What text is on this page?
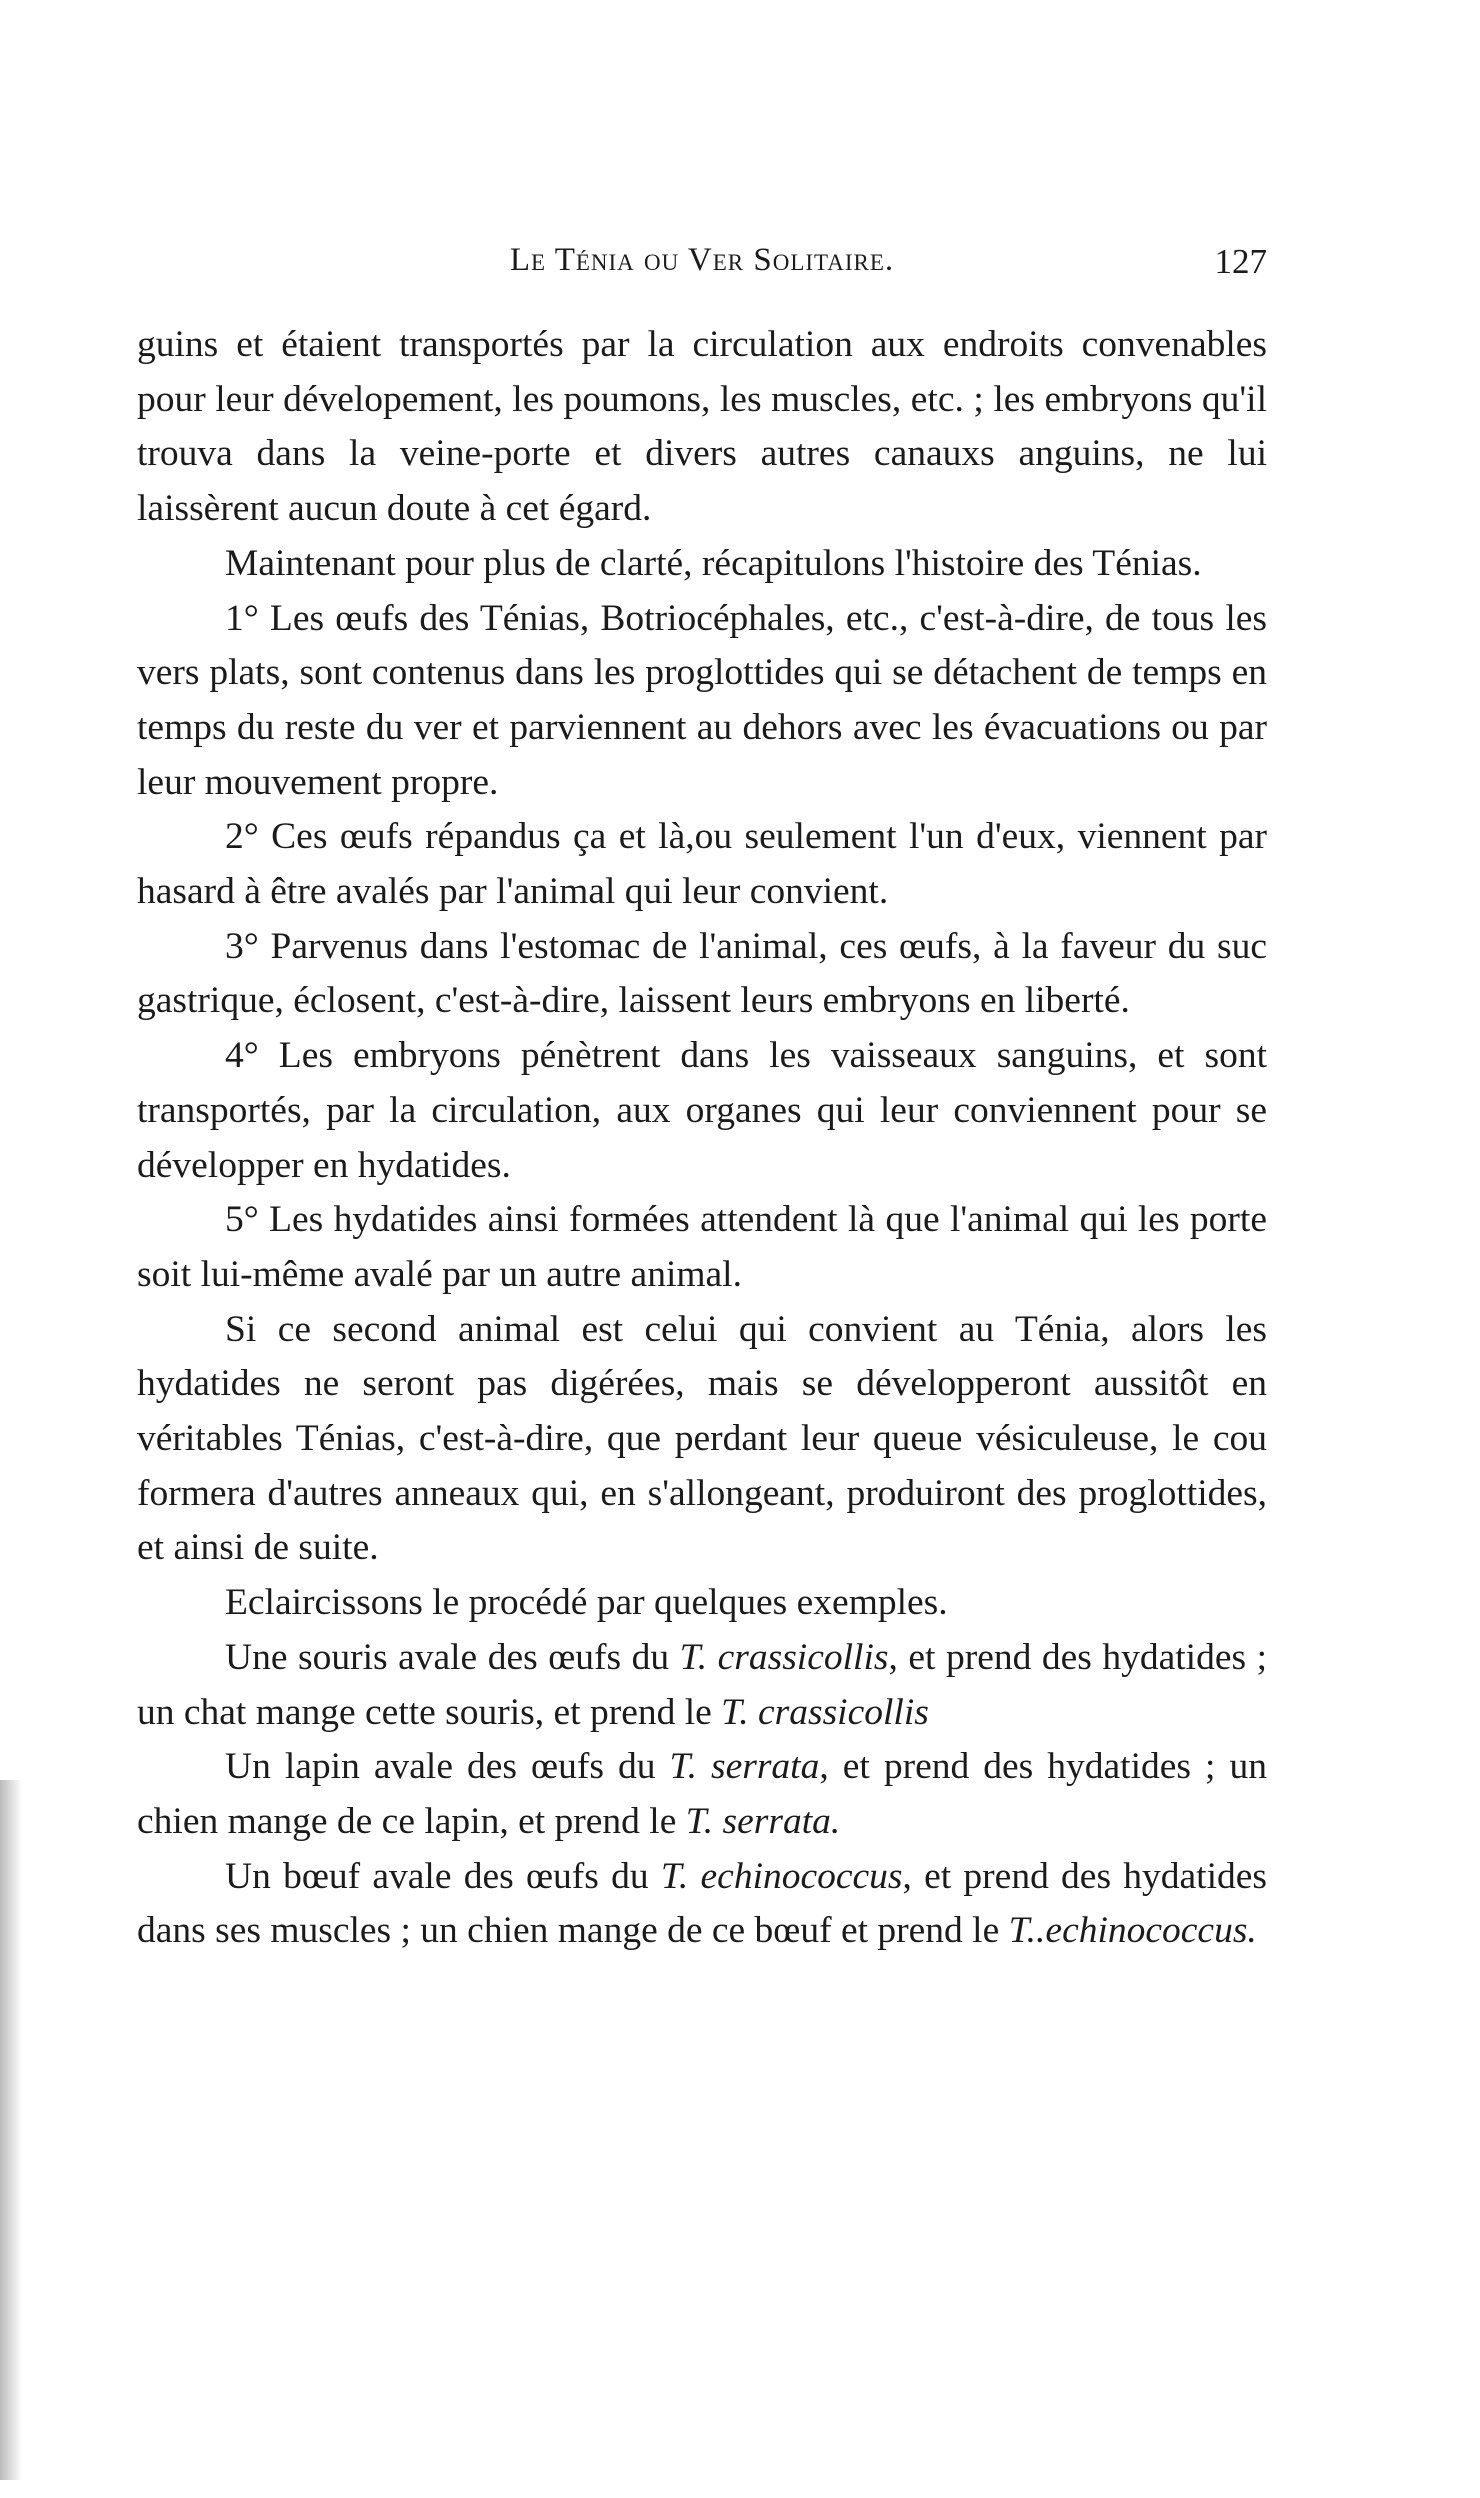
Le Ténia ou Ver Solitaire.	127

guins et étaient transportés par la circulation aux endroits convenables pour leur dévelopement, les poumons, les muscles, etc. ; les embryons qu'il trouva dans la veine-porte et divers autres canauxs anguins, ne lui laissèrent aucun doute à cet égard.

Maintenant pour plus de clarté, récapitulons l'histoire des Ténias.

1° Les œufs des Ténias, Botriocéphales, etc., c'est-à-dire, de tous les vers plats, sont contenus dans les proglottides qui se détachent de temps en temps du reste du ver et parviennent au dehors avec les évacuations ou par leur mouvement propre.

2° Ces œufs répandus ça et là,ou seulement l'un d'eux, viennent par hasard à être avalés par l'animal qui leur convient.

3° Parvenus dans l'estomac de l'animal, ces œufs, à la faveur du suc gastrique, éclosent, c'est-à-dire, laissent leurs embryons en liberté.

4° Les embryons pénètrent dans les vaisseaux sanguins, et sont transportés, par la circulation, aux organes qui leur conviennent pour se développer en hydatides.

5° Les hydatides ainsi formées attendent là que l'animal qui les porte soit lui-même avalé par un autre animal.

Si ce second animal est celui qui convient au Ténia, alors les hydatides ne seront pas digérées, mais se développeront aussitôt en véritables Ténias, c'est-à-dire, que perdant leur queue vésiculeuse, le cou formera d'autres anneaux qui, en s'allongeant, produiront des proglottides, et ainsi de suite.

Eclaircissons le procédé par quelques exemples.

Une souris avale des œufs du T. crassicollis, et prend des hydatides ; un chat mange cette souris, et prend le T. crassicollis

Un lapin avale des œufs du T. serrata, et prend des hydatides ; un chien mange de ce lapin, et prend le T. serrata.

Un bœuf avale des œufs du T. echinococcus, et prend des hydatides dans ses muscles ; un chien mange de ce bœuf et prend le T..echinococcus.
